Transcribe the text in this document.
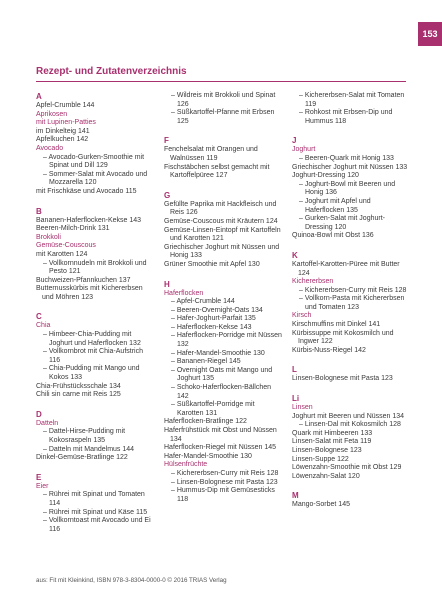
153
Rezept- und Zutatenverzeichnis
A
Apfel-Crumble 144
Aprikosen
mit Lupinen-Patties
im Dinkelteig 141
Apfelkuchen 142
Avocado
– Avocado-Gurken-Smoothie mit Spinat und Dill 129
– Sommer-Salat mit Avocado und Mozzarella 120
mit Frischkäse und Avocado 115
B
Bananen-Haferflocken-Kekse 143
Beeren-Milch-Drink 131
Brokkoli
Gemüse-Couscous
mit Karotten 124
– Vollkornnudeln mit Brokkoli und Pesto 121
Buchweizen-Pfannkuchen 137
Butternusskürbis mit Kichererbsen und Möhren 123
C
Chia
– Himbeer-Chia-Pudding mit Joghurt und Haferflocken 132
– Vollkornbrot mit Chia-Aufstrich 116
– Chia-Pudding mit Mango und Kokos 133
Chia-Frühstücksschale 134
Chili sin carne mit Reis 125
D
Datteln
– Dattel-Hirse-Pudding mit Kokosraspeln 135
– Datteln mit Mandelmus 144
Dinkel-Gemüse-Bratlinge 122
E
Eier
– Rührei mit Spinat und Tomaten 114
– Rührei mit Spinat und Käse 115
– Vollkorntoast mit Avocado und Ei 116
– Wildreis mit Brokkoli und Spinat 126
– Süßkartoffel-Pfanne mit Erbsen 125
F
Fenchelsalat mit Orangen und Walnüssen 119
Fischstäbchen selbst gemacht mit Kartoffelpüree 127
G
Gefüllte Paprika mit Hackfleisch und Reis 126
Gemüse-Couscous mit Kräutern 124
Gemüse-Linsen-Eintopf mit Kartoffeln und Karotten 121
Griechischer Joghurt mit Nüssen und Honig 133
Grüner Smoothie mit Apfel 130
H
Haferflocken
– Apfel-Crumble 144
– Beeren-Overnight-Oats 134
– Hafer-Joghurt-Parfait 135
– Haferflocken-Kekse 143
– Haferflocken-Porridge mit Nüssen 132
– Hafer-Mandel-Smoothie 130
– Bananen-Riegel 145
– Overnight Oats mit Mango und Joghurt 135
– Schoko-Haferflocken-Bällchen 142
– Süßkartoffel-Porridge mit Karotten 131
Haferflocken-Bratlinge 122
Haferfrühstück mit Obst und Nüssen 134
Haferflocken-Riegel mit Nüssen 145
Hafer-Mandel-Smoothie 130
Hülsenfrüchte
– Kichererbsen-Curry mit Reis 128
– Linsen-Bolognese mit Pasta 123
– Hummus-Dip mit Gemüsesticks 118
– Kichererbsen-Salat mit Tomaten 119
– Rohkost mit Erbsen-Dip und Hummus 118
J
Joghurt
– Beeren-Quark mit Honig 133
Griechischer Joghurt mit Nüssen 133
Joghurt-Dressing 120
– Joghurt-Bowl mit Beeren und Honig 136
– Joghurt mit Apfel und Haferflocken 135
– Gurken-Salat mit Joghurt-Dressing 120
Quinoa-Bowl mit Obst 136
K
Kartoffel-Karotten-Püree mit Butter 124
Kichererbsen
– Kichererbsen-Curry mit Reis 128
– Vollkorn-Pasta mit Kichererbsen und Tomaten 123
Kirsch
Kirschmuffins mit Dinkel 141
Kürbissuppe mit Kokosmilch und Ingwer 122
Kürbis-Nuss-Riegel 142
L
Linsen-Bolognese mit Pasta 123
Li
Linsen
Joghurt mit Beeren und Nüssen 134
– Linsen-Dal mit Kokosmilch 128
Quark mit Himbeeren 133
Linsen-Salat mit Feta 119
Linsen-Bolognese 123
Linsen-Suppe 122
Löwenzahn-Smoothie mit Obst 129
Löwenzahn-Salat 120
M
Mango-Sorbet 145
aus: Fit mit Kleinkind, ISBN 978-3-8304-0000-0 © 2016 TRIAS Verlag
